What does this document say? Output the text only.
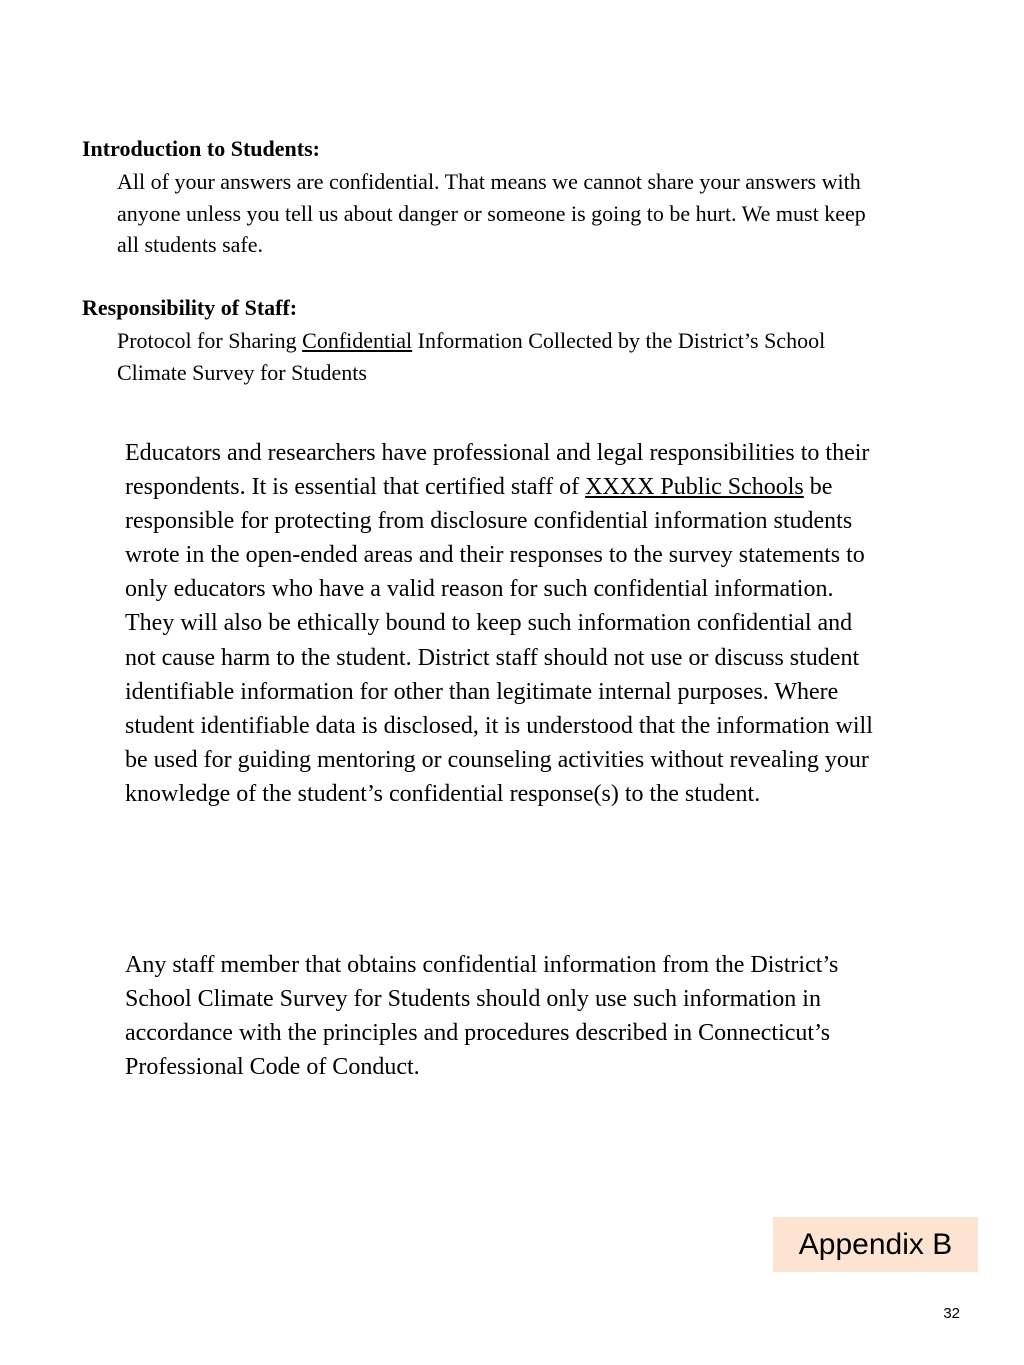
Introduction to Students:

All of your answers are confidential. That means we cannot share your answers with anyone unless you tell us about danger or someone is going to be hurt. We must keep all students safe.

Responsibility of Staff:

Protocol for Sharing Confidential Information Collected by the District’s School Climate Survey for Students

Educators and researchers have professional and legal responsibilities to their respondents. It is essential that certified staff of XXXX Public Schools be responsible for protecting from disclosure confidential information students wrote in the open-ended areas and their responses to the survey statements to only educators who have a valid reason for such confidential information. They will also be ethically bound to keep such information confidential and not cause harm to the student. District staff should not use or discuss student identifiable information for other than legitimate internal purposes. Where student identifiable data is disclosed, it is understood that the information will be used for guiding mentoring or counseling activities without revealing your knowledge of the student’s confidential response(s) to the student.

Any staff member that obtains confidential information from the District’s School Climate Survey for Students should only use such information in accordance with the principles and procedures described in Connecticut’s Professional Code of Conduct.

Appendix B
32
